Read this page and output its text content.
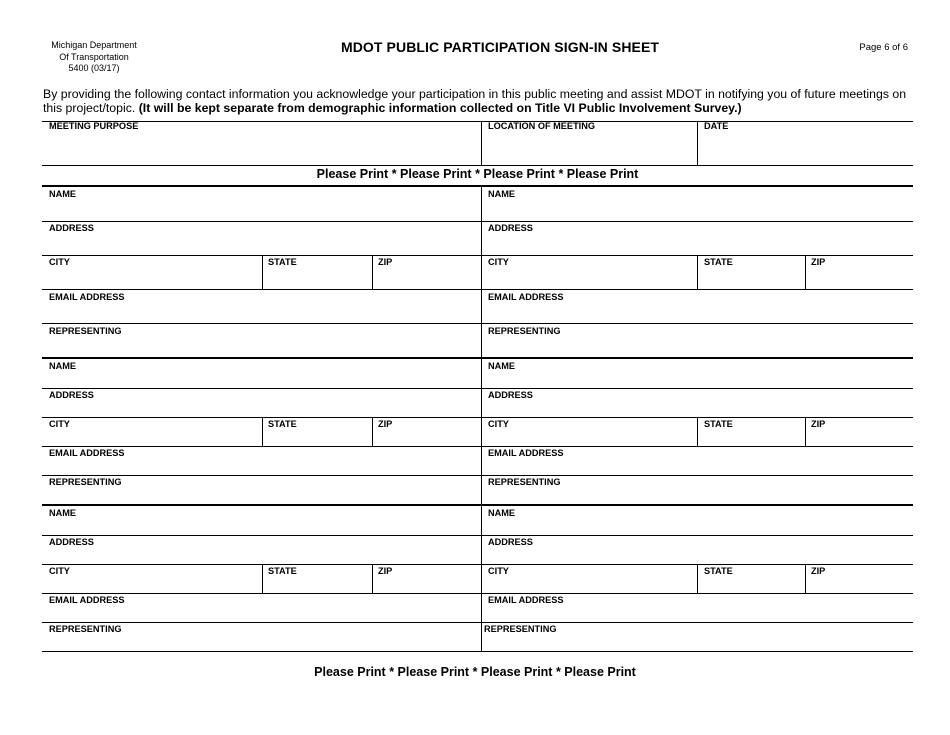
Michigan Department
Of Transportation
5400 (03/17)
MDOT PUBLIC PARTICIPATION SIGN-IN SHEET	Page 6 of 6
By providing the following contact information you acknowledge your participation in this public meeting and assist MDOT in notifying you of future meetings on this project/topic. (It will be kept separate from demographic information collected on Title VI Public Involvement Survey.)
MEETING PURPOSE	LOCATION OF MEETING	DATE
Please Print * Please Print * Please Print * Please Print
NAME	NAME
ADDRESS	ADDRESS
CITY	STATE	ZIP	CITY	STATE	ZIP
EMAIL ADDRESS	EMAIL ADDRESS
REPRESENTING	REPRESENTING
NAME	NAME
ADDRESS	ADDRESS
CITY	STATE	ZIP	CITY	STATE	ZIP
EMAIL ADDRESS	EMAIL ADDRESS
REPRESENTING	REPRESENTING
NAME	NAME
ADDRESS	ADDRESS
CITY	STATE	ZIP	CITY	STATE	ZIP
EMAIL ADDRESS	EMAIL ADDRESS
REPRESENTING	REPRESENTING
Please Print * Please Print * Please Print * Please Print
